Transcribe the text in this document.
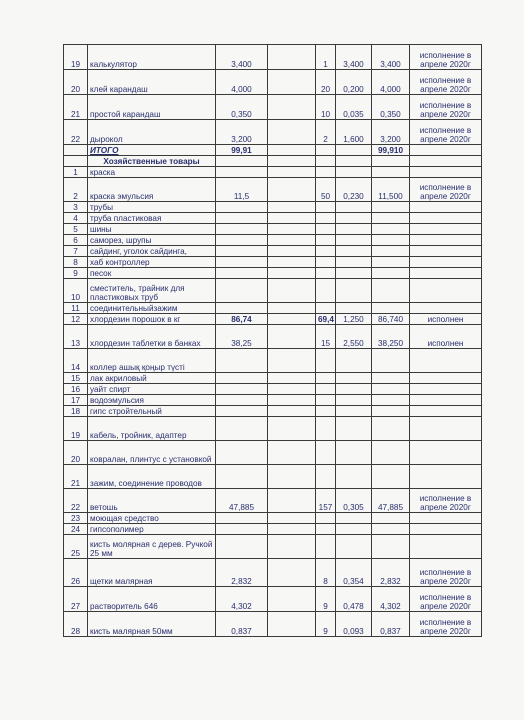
19	калькулятор	3,400		1	3,400	3,400	исполнение в апреле 2020г
20	клей карандаш	4,000		20	0,200	4,000	исполнение в апреле 2020г
21	простой карандаш	0,350		10	0,035	0,350	исполнение в апреле 2020г
22	дырокол	3,200		2	1,600	3,200	исполнение в апреле 2020г
	ИТОГО	99,91				99,910	
	Хозяйственные товары						
1	краска						
2	краска эмульсия	11,5		50	0,230	11,500	исполнение в апреле 2020г
3	трубы						
4	труба пластиковая						
5	шины						
6	саморез, шрупы						
7	сайдинг, уголок сайдинга,						
8	хаб контроллер						
9	песок						
10	сместитель, трайник для пластиковых труб						
11	соединительныйзажим						
12	хлордезин порошок в кг	86,74		69,4	1,250	86,740	исполнен
13	хлордезин таблетки в банках	38,25		15	2,550	38,250	исполнен
14	коллер ашық қоңыр түсті						
15	лак акриловый						
16	уайт спирт						
17	водоэмульсия						
18	гипс стройтельный						
19	кабель, тройник, адаптер						
20	ковралан, плинтус с установкой						
21	зажим, соединение проводов						
22	ветошь	47,885		157	0,305	47,885	исполнение в апреле 2020г
23	моющая средство						
24	гипсополимер						
25	кисть молярная с дерев. Ручкой 25 мм						
26	щетки малярная	2,832		8	0,354	2,832	исполнение в апреле 2020г
27	растворитель 646	4,302		9	0,478	4,302	исполнение в апреле 2020г
28	кисть малярная 50мм	0,837		9	0,093	0,837	исполнение в апреле 2020г
